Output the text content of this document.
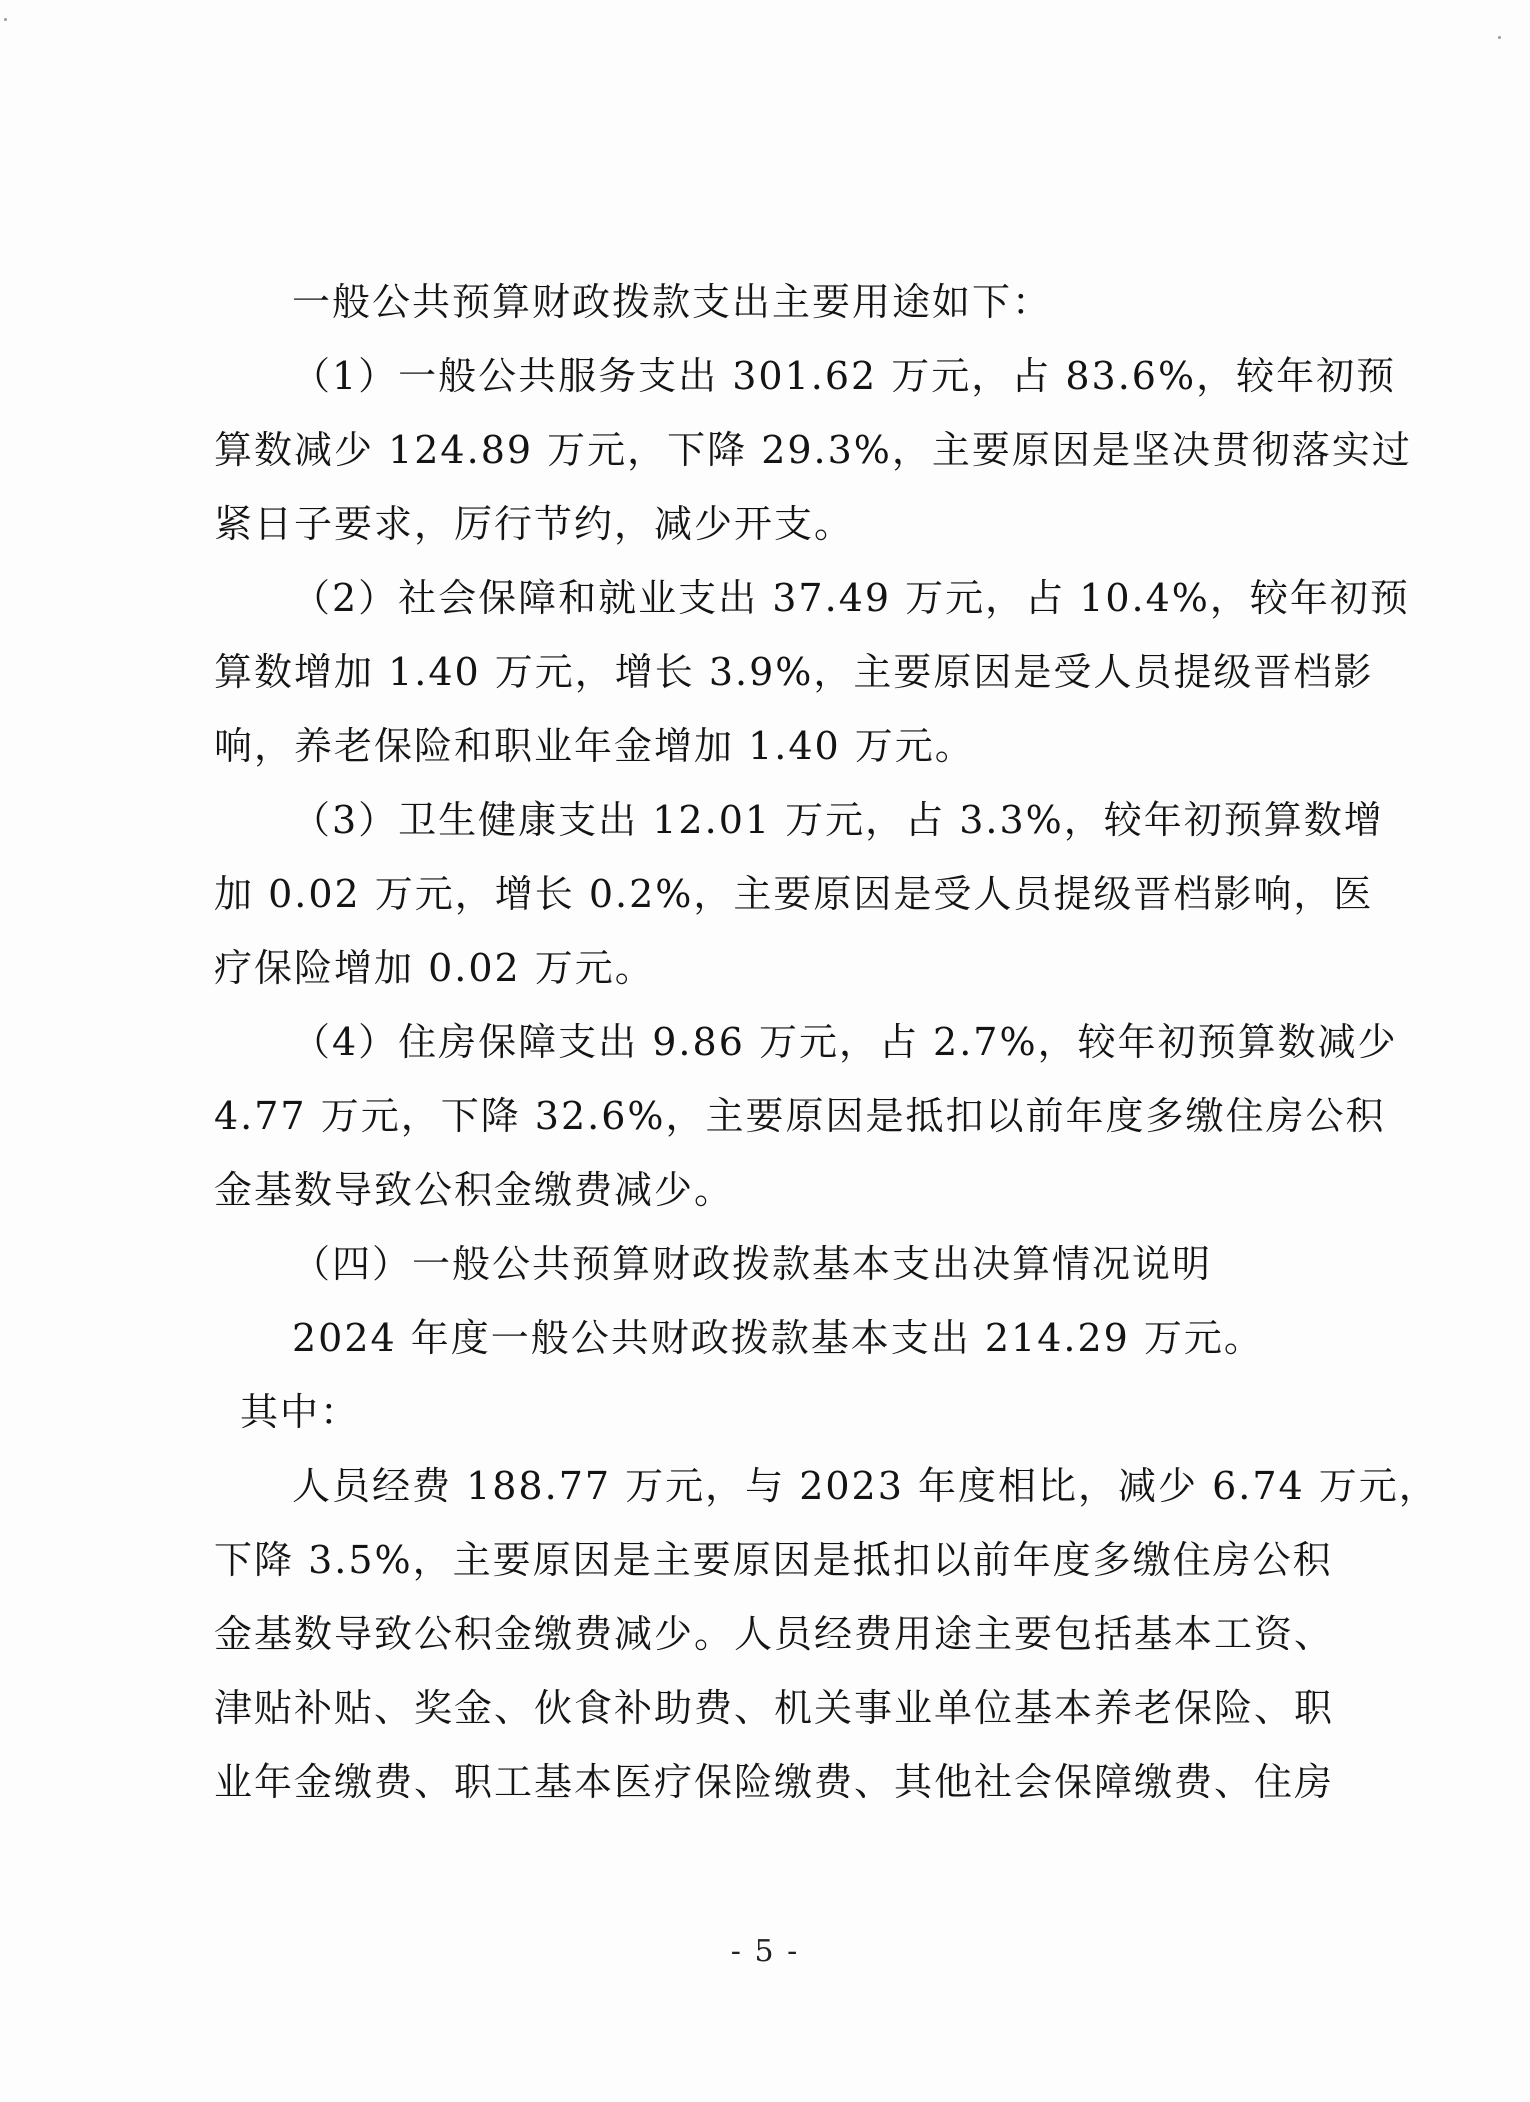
一般公共预算财政拨款支出主要用途如下：
（1）一般公共服务支出 301.62 万元，占 83.6%，较年初预
算数减少 124.89 万元，下降 29.3%，主要原因是坚决贯彻落实过
紧日子要求，厉行节约，减少开支。
（2）社会保障和就业支出 37.49 万元，占 10.4%，较年初预
算数增加 1.40 万元，增长 3.9%，主要原因是受人员提级晋档影
响，养老保险和职业年金增加 1.40 万元。
（3）卫生健康支出 12.01 万元，占 3.3%，较年初预算数增
加 0.02 万元，增长 0.2%，主要原因是受人员提级晋档影响，医
疗保险增加 0.02 万元。
（4）住房保障支出 9.86 万元，占 2.7%，较年初预算数减少
4.77 万元，下降 32.6%，主要原因是抵扣以前年度多缴住房公积
金基数导致公积金缴费减少。
（四）一般公共预算财政拨款基本支出决算情况说明
2024 年度一般公共财政拨款基本支出 214.29 万元。
其中：
人员经费 188.77 万元，与 2023 年度相比，减少 6.74 万元，
下降 3.5%，主要原因是主要原因是抵扣以前年度多缴住房公积
金基数导致公积金缴费减少。人员经费用途主要包括基本工资、
津贴补贴、奖金、伙食补助费、机关事业单位基本养老保险、职
业年金缴费、职工基本医疗保险缴费、其他社会保障缴费、住房
- 5 -
